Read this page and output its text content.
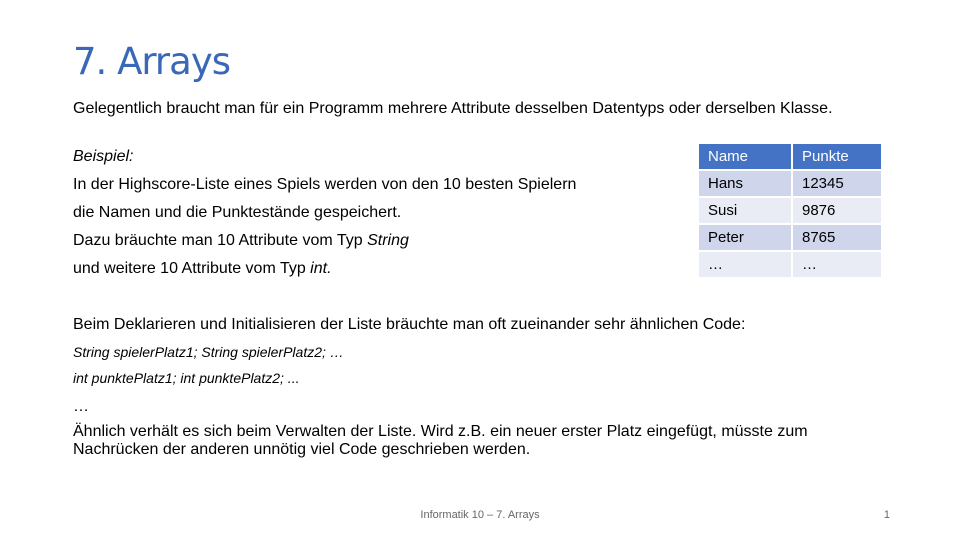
7. Arrays
Gelegentlich braucht man für ein Programm mehrere Attribute desselben Datentyps oder derselben Klasse.
Beispiel:
In der Highscore-Liste eines Spiels werden von den 10 besten Spielern
die Namen und die Punktestände gespeichert.
Dazu bräuchte man 10 Attribute vom Typ String
und weitere 10 Attribute vom Typ int.
Name	Punkte
Hans	12345
Susi	9876
Peter	8765
…	…
Beim Deklarieren und Initialisieren der Liste bräuchte man oft zueinander sehr ähnlichen Code:
String spielerPlatz1; String spielerPlatz2; …
int punktePlatz1; int punktePlatz2; ...
…
Ähnlich verhält es sich beim Verwalten der Liste. Wird z.B. ein neuer erster Platz eingefügt, müsste zum Nachrücken der anderen unnötig viel Code geschrieben werden.
Informatik 10 – 7. Arrays	1
